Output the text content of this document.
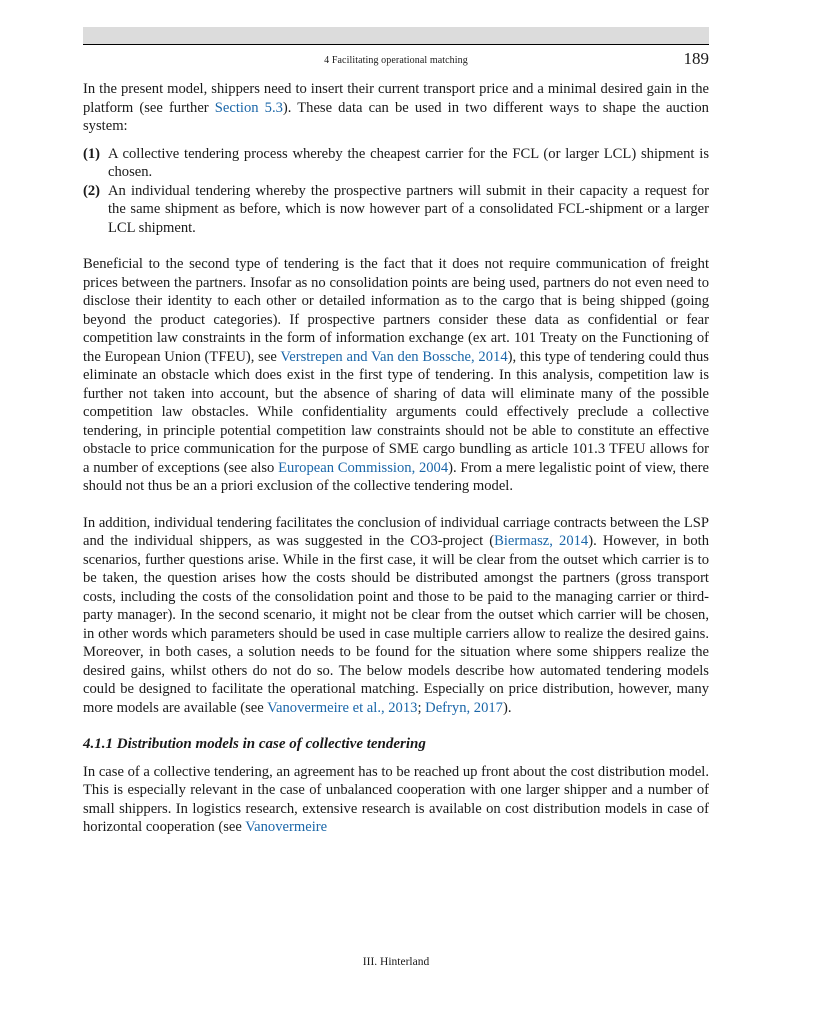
4 Facilitating operational matching	189

In the present model, shippers need to insert their current transport price and a minimal desired gain in the platform (see further Section 5.3). These data can be used in two different ways to shape the auction system:

(1) A collective tendering process whereby the cheapest carrier for the FCL (or larger LCL) shipment is chosen.
(2) An individual tendering whereby the prospective partners will submit in their capacity a request for the same shipment as before, which is now however part of a consolidated FCL-shipment or a larger LCL shipment.

Beneficial to the second type of tendering is the fact that it does not require communication of freight prices between the partners. Insofar as no consolidation points are being used, partners do not even need to disclose their identity to each other or detailed information as to the cargo that is being shipped (going beyond the product categories). If prospective partners consider these data as confidential or fear competition law constraints in the form of information exchange (ex art. 101 Treaty on the Functioning of the European Union (TFEU), see Verstrepen and Van den Bossche, 2014), this type of tendering could thus eliminate an obstacle which does exist in the first type of tendering. In this analysis, competition law is further not taken into account, but the absence of sharing of data will eliminate many of the possible competition law obstacles. While confidentiality arguments could effectively preclude a collective tendering, in principle potential competition law constraints should not be able to constitute an effective obstacle to price communication for the purpose of SME cargo bundling as article 101.3 TFEU allows for a number of exceptions (see also European Commission, 2004). From a mere legalistic point of view, there should not thus be an a priori exclusion of the collective tendering model.

In addition, individual tendering facilitates the conclusion of individual carriage contracts between the LSP and the individual shippers, as was suggested in the CO3-project (Biermasz, 2014). However, in both scenarios, further questions arise. While in the first case, it will be clear from the outset which carrier is to be taken, the question arises how the costs should be distributed amongst the partners (gross transport costs, including the costs of the consolidation point and those to be paid to the managing carrier or third-party manager). In the second scenario, it might not be clear from the outset which carrier will be chosen, in other words which parameters should be used in case multiple carriers allow to realize the desired gains. Moreover, in both cases, a solution needs to be found for the situation where some shippers realize the desired gains, whilst others do not do so. The below models describe how automated tendering models could be designed to facilitate the operational matching. Especially on price distribution, however, many more models are available (see Vanovermeire et al., 2013; Defryn, 2017).

4.1.1 Distribution models in case of collective tendering

In case of a collective tendering, an agreement has to be reached up front about the cost distribution model. This is especially relevant in the case of unbalanced cooperation with one larger shipper and a number of small shippers. In logistics research, extensive research is available on cost distribution models in case of horizontal cooperation (see Vanovermeire

III. Hinterland
